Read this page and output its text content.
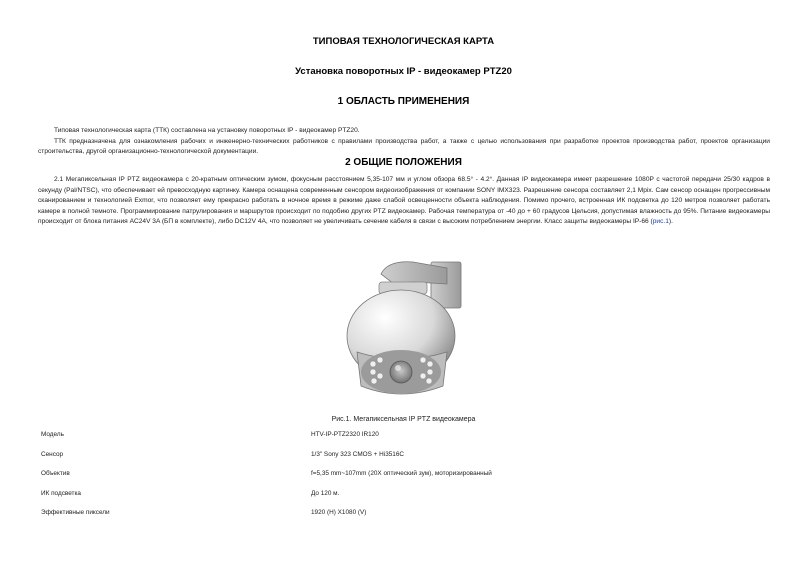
ТИПОВАЯ ТЕХНОЛОГИЧЕСКАЯ КАРТА
Установка поворотных IP - видеокамер PTZ20
1 ОБЛАСТЬ ПРИМЕНЕНИЯ

Типовая технологическая карта (ТТК) составлена на установку поворотных IP - видеокамер PTZ20.

ТТК предназначена для ознакомления рабочих и инженерно-технических работников с правилами производства работ, а также с целью использования при разработке проектов производства работ, проектов организации строительства, другой организационно-технологической документации.

2 ОБЩИЕ ПОЛОЖЕНИЯ

2.1 Мегапиксельная IP PTZ видеокамера с 20-кратным оптическим зумом, фокусным расстоянием 5,35-107 мм и углом обзора 68.5° - 4.2°. Данная IP видеокамера имеет разрешение 1080P с частотой передачи 25/30 кадров в секунду (Pal/NTSC), что обеспечивает ей превосходную картинку. Камера оснащена современным сенсором видеоизображения от компании SONY IMX323. Разрешение сенсора составляет 2,1 Mpix. Сам сенсор оснащен прогрессивным сканированием и технологией Exmor, что позволяет ему прекрасно работать в ночное время в режиме даже слабой освещенности объекта наблюдения. Помимо прочего, встроенная ИК подсветка до 120 метров позволяет работать камере в полной темноте. Программирование патрулирования и маршрутов происходит по подобию других PTZ видеокамер. Рабочая температура от -40 до + 60 градусов Цельсия, допустимая влажность до 95%. Питание видеокамеры происходит от блока питания AC24V 3A (БП в комплекте), либо DC12V 4A, что позволяет не увеличивать сечение кабеля в связи с высоким потреблением энергии. Класс защиты видеокамеры IP-66 (рис.1).

Рис.1. Мегапиксельная IP PTZ видеокамера
Модель	HTV-IP-PTZ2320 IR120
Сенсор	1/3" Sony 323 CMOS + Hi3516C
Объектив	f=5,35 mm~107mm (20X оптический зум), моторизированный
ИК подсветка	До 120 м.
Эффективные пиксели	1920 (H) X1080 (V)
